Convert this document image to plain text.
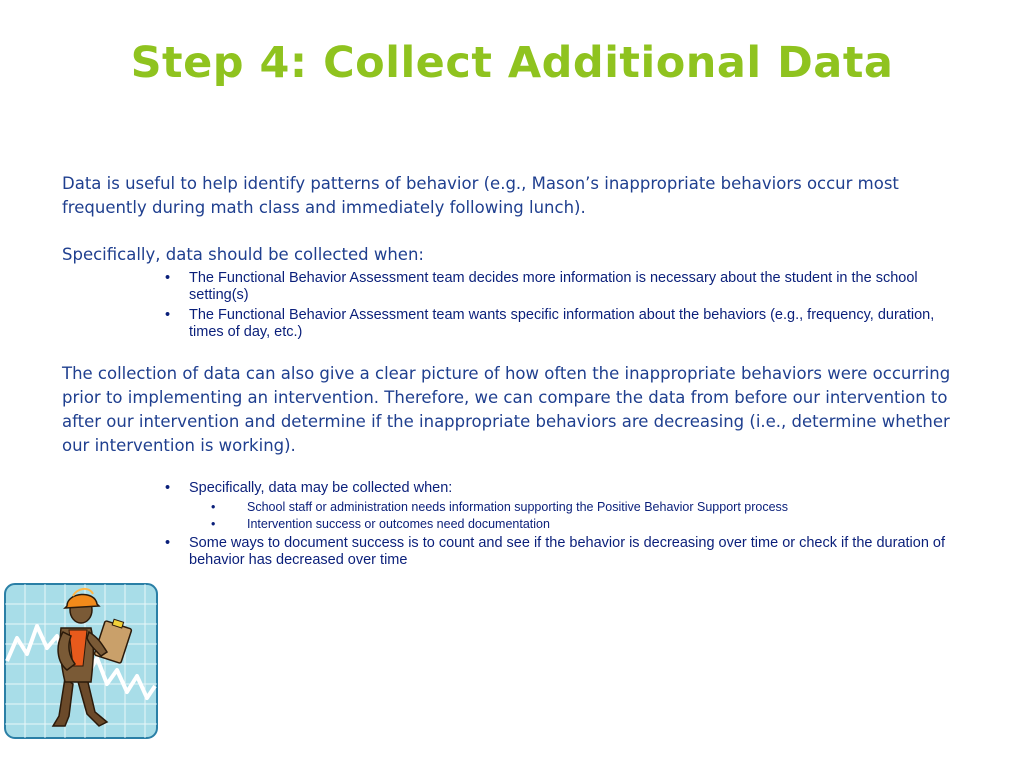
Step 4: Collect Additional Data

Data is useful to help identify patterns of behavior (e.g., Mason’s inappropriate behaviors occur most frequently during math class and immediately following lunch).

Specifically, data should be collected when:

• The Functional Behavior Assessment team decides more information is necessary about the student in the school setting(s)
• The Functional Behavior Assessment team wants specific information about the behaviors (e.g., frequency, duration, times of day, etc.)

The collection of data can also give a clear picture of how often the inappropriate behaviors were occurring prior to implementing an intervention. Therefore, we can compare the data from before our intervention to after our intervention and determine if the inappropriate behaviors are decreasing (i.e., determine whether our intervention is working).

• Specifically, data may be collected when:
•	School staff or administration needs information supporting the Positive Behavior Support process
•	Intervention success or outcomes need documentation
• Some ways to document success is to count and see if the behavior is decreasing over time or check if the duration of behavior has decreased over time
